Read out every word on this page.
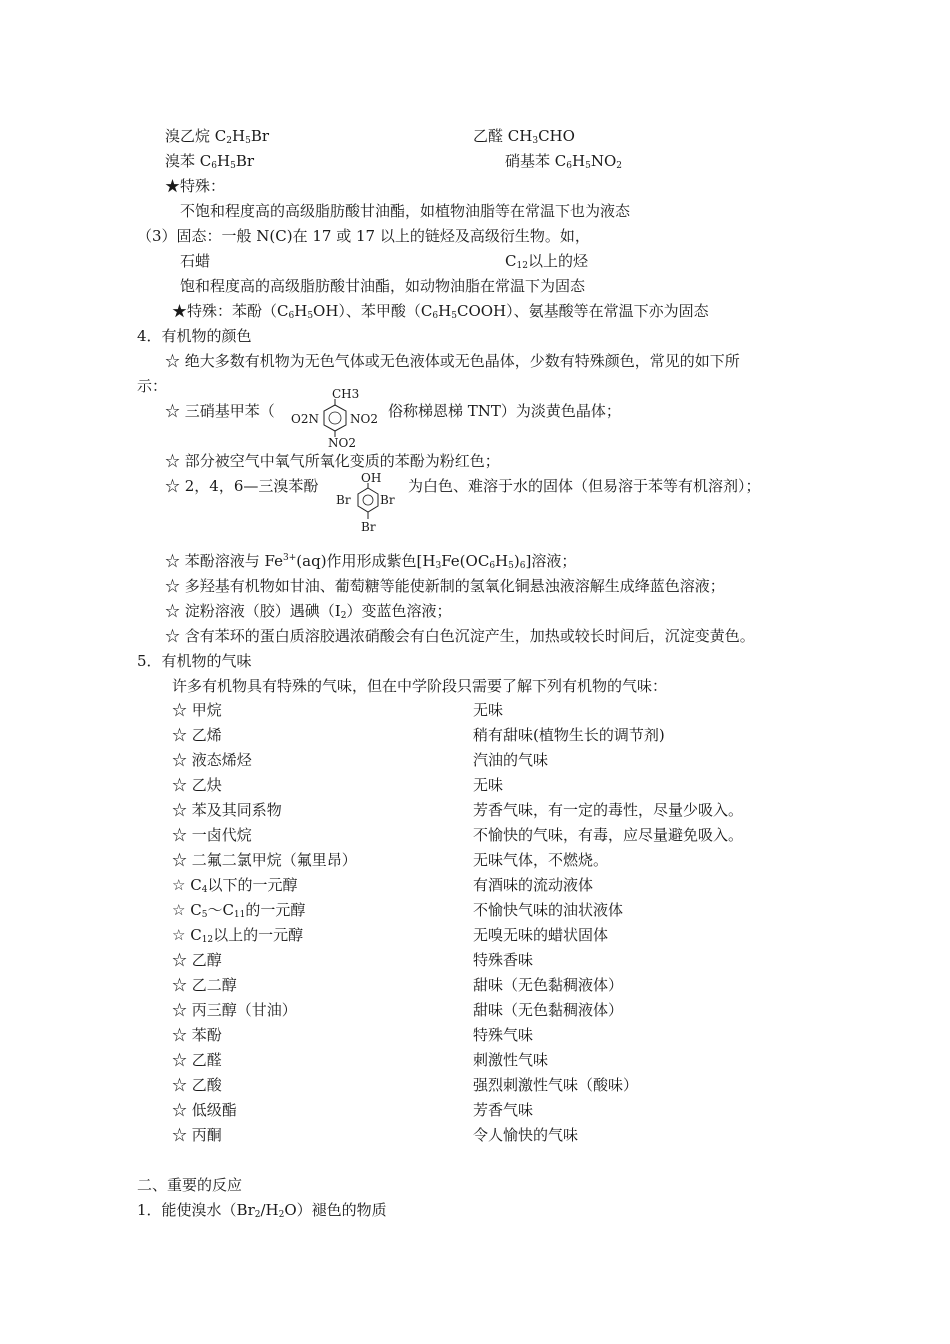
溴乙烷 $C_2H_5Br$	乙醛 $CH_3CHO$
溴苯 $C_6H_5Br$	硝基苯 $C_6H_5NO_2$
★特殊：
不饱和程度高的高级脂肪酸甘油酯，如植物油脂等在常温下也为液态
（3）固态：一般 N(C)在 17 或 17 以上的链烃及高级衍生物。如，
石蜡	$C_{12}$以上的烃
饱和程度高的高级脂肪酸甘油酯，如动物油脂在常温下为固态
★特殊：苯酚$(C_6H_5OH)$、苯甲酸$(C_6H_5COOH)$、氨基酸等在常温下亦为固态
4．有机物的颜色
☆ 绝大多数有机物为无色气体或无色液体或无色晶体，少数有特殊颜色，常见的如下所
示：
☆ 三硝基甲苯（
CH3
O2N	NO2
NO2
俗称梯恩梯 TNT）为淡黄色晶体；
☆ 部分被空气中氧气所氧化变质的苯酚为粉红色；
☆ 2，4，6—三溴苯酚	OH
Br Br
Br
为白色、难溶于水的固体（但易溶于苯等有机溶剂）；
☆ 苯酚溶液与 $Fe^{3+}(aq)$作用形成紫色$[H_3Fe(OC_6H_5)_6]$溶液；
☆ 多羟基有机物如甘油、葡萄糖等能使新制的氢氧化铜悬浊液溶解生成绛蓝色溶液；
☆ 淀粉溶液（胶）遇碘$(I_2)$变蓝色溶液；
☆ 含有苯环的蛋白质溶胶遇浓硝酸会有白色沉淀产生，加热或较长时间后，沉淀变黄色。
5．有机物的气味
许多有机物具有特殊的气味，但在中学阶段只需要了解下列有机物的气味：
☆ 甲烷	无味
☆ 乙烯	稍有甜味(植物生长的调节剂)
☆ 液态烯烃	汽油的气味
☆ 乙炔	无味
☆ 苯及其同系物	芳香气味，有一定的毒性，尽量少吸入。
☆ 一卤代烷	不愉快的气味，有毒，应尽量避免吸入。
☆ 二氟二氯甲烷（氟里昂）	无味气体，不燃烧。
☆ $C_4$以下的一元醇	有酒味的流动液体
☆ $C_5\sim C_{11}$的一元醇	不愉快气味的油状液体
☆ $C_{12}$以上的一元醇	无嗅无味的蜡状固体
☆ 乙醇	特殊香味
☆ 乙二醇	甜味（无色黏稠液体）
☆ 丙三醇（甘油）	甜味（无色黏稠液体）
☆ 苯酚	特殊气味
☆ 乙醛	刺激性气味
☆ 乙酸	强烈刺激性气味（酸味）
☆ 低级酯	芳香气味
☆ 丙酮	令人愉快的气味
二、重要的反应
1．能使溴水$(Br_2/H_2O)$褪色的物质
